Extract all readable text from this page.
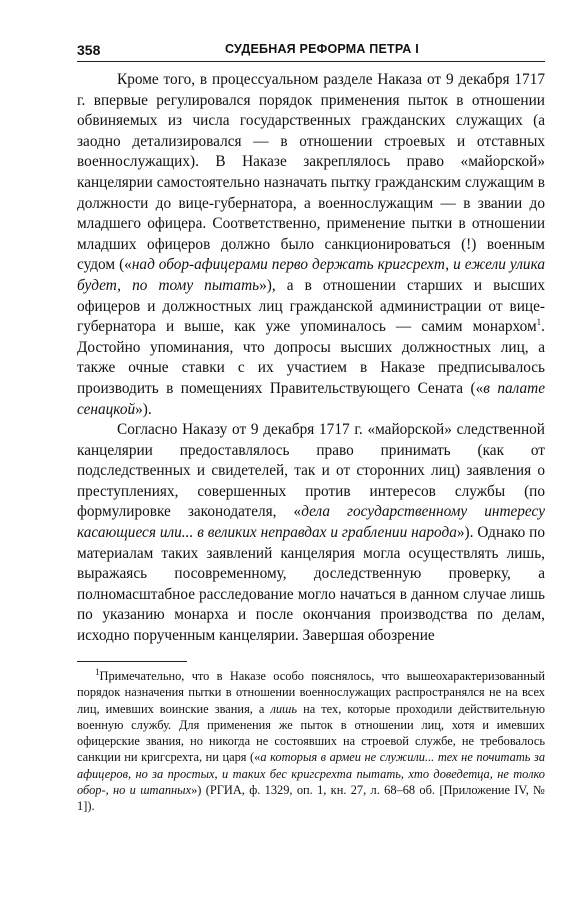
358	СУДЕБНАЯ РЕФОРМА ПЕТРА I

Кроме того, в процессуальном разделе Наказа от 9 декабря 1717 г. впервые регулировался порядок применения пыток в отношении обвиняемых из числа государственных гражданских служащих (а заодно детализировался — в отношении строевых и отставных военнослужащих). В Наказе закреплялось право «майорской» канцелярии самостоятельно назначать пытку гражданским служащим в должности до вице-губернатора, а военнослужащим — в звании до младшего офицера. Соответственно, применение пытки в отношении младших офицеров должно было санкционироваться (!) военным судом («над обор-афицерами перво держать кригсрехт, и ежели улика будет, по тому пытать»), а в отношении старших и высших офицеров и должностных лиц гражданской администрации от вице-губернатора и выше, как уже упоминалось — самим монархом$^1$. Достойно упоминания, что допросы высших должностных лиц, а также очные ставки с их участием в Наказе предписывалось производить в помещениях Правительствующего Сената («в палате сенацкой»).

Согласно Наказу от 9 декабря 1717 г. «майорской» следственной канцелярии предоставлялось право принимать (как от подследственных и свидетелей, так и от сторонних лиц) заявления о преступлениях, совершенных против интересов службы (по формулировке законодателя, «дела государственному интересу касающиеся или... в великих неправдах и граблении народа»). Однако по материалам таких заявлений канцелярия могла осуществлять лишь, выражаясь посовременному, доследственную проверку, а полномасштабное расследование могло начаться в данном случае лишь по указанию монарха и после окончания производства по делам, исходно порученным канцелярии. Завершая обозрение

$^1$Примечательно, что в Наказе особо пояснялось, что вышеохарактеризованный порядок назначения пытки в отношении военнослужащих распространялся не на всех лиц, имевших воинские звания, а лишь на тех, которые проходили действительную военную службу. Для применения же пыток в отношении лиц, хотя и имевших офицерские звания, но никогда не состоявших на строевой службе, не требовалось санкции ни кригсрехта, ни царя («а которыя в армеи не служили... тех не почитать за афицеров, но за простых, и таких бес кригсрехта пытать, хто доведетца, не толко обор-, но и штапных») (РГИА, ф. 1329, оп. 1, кн. 27, л. 68–68 об. [Приложение IV, № 1]).
